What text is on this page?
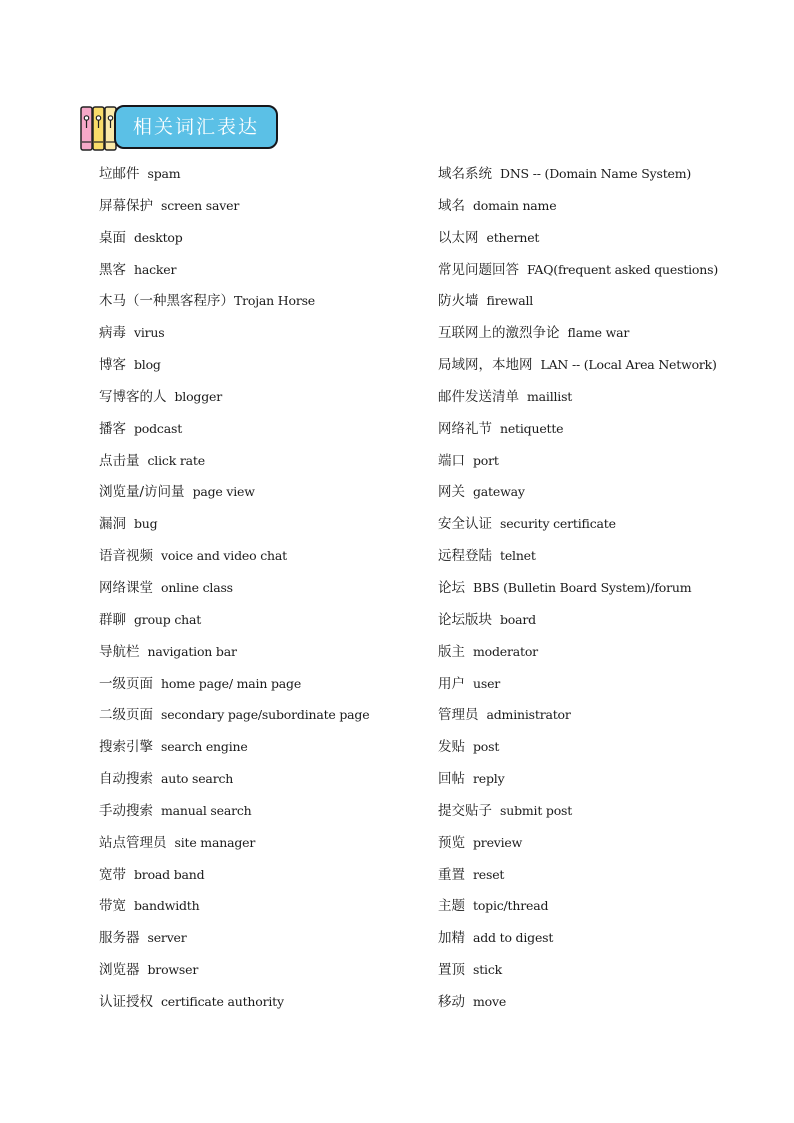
相关词汇表达
垃邮件 spam
屏幕保护 screen saver
桌面 desktop
黑客 hacker
木马（一种黑客程序）Trojan Horse
病毒 virus
博客 blog
写博客的人 blogger
播客 podcast
点击量 click rate
浏览量/访问量 page view
漏洞 bug
语音视频 voice and video chat
网络课堂 online class
群聊 group chat
导航栏 navigation bar
一级页面 home page/ main page
二级页面 secondary page/subordinate page
搜索引擎 search engine
自动搜索 auto search
手动搜索 manual search
站点管理员 site manager
宽带 broad band
带宽 bandwidth
服务器 server
浏览器 browser
认证授权 certificate authority
域名系统 DNS -- (Domain Name System)
域名 domain name
以太网 ethernet
常见问题回答 FAQ(frequent asked questions)
防火墙 firewall
互联网上的激烈争论 flame war
局域网，本地网 LAN -- (Local Area Network)
邮件发送清单 maillist
网络礼节 netiquette
端口 port
网关 gateway
安全认证 security certificate
远程登陆 telnet
论坛 BBS (Bulletin Board System)/forum
论坛版块 board
版主 moderator
用户 user
管理员 administrator
发贴 post
回帖 reply
提交贴子 submit post
预览 preview
重置 reset
主题 topic/thread
加精 add to digest
置顶 stick
移动 move
